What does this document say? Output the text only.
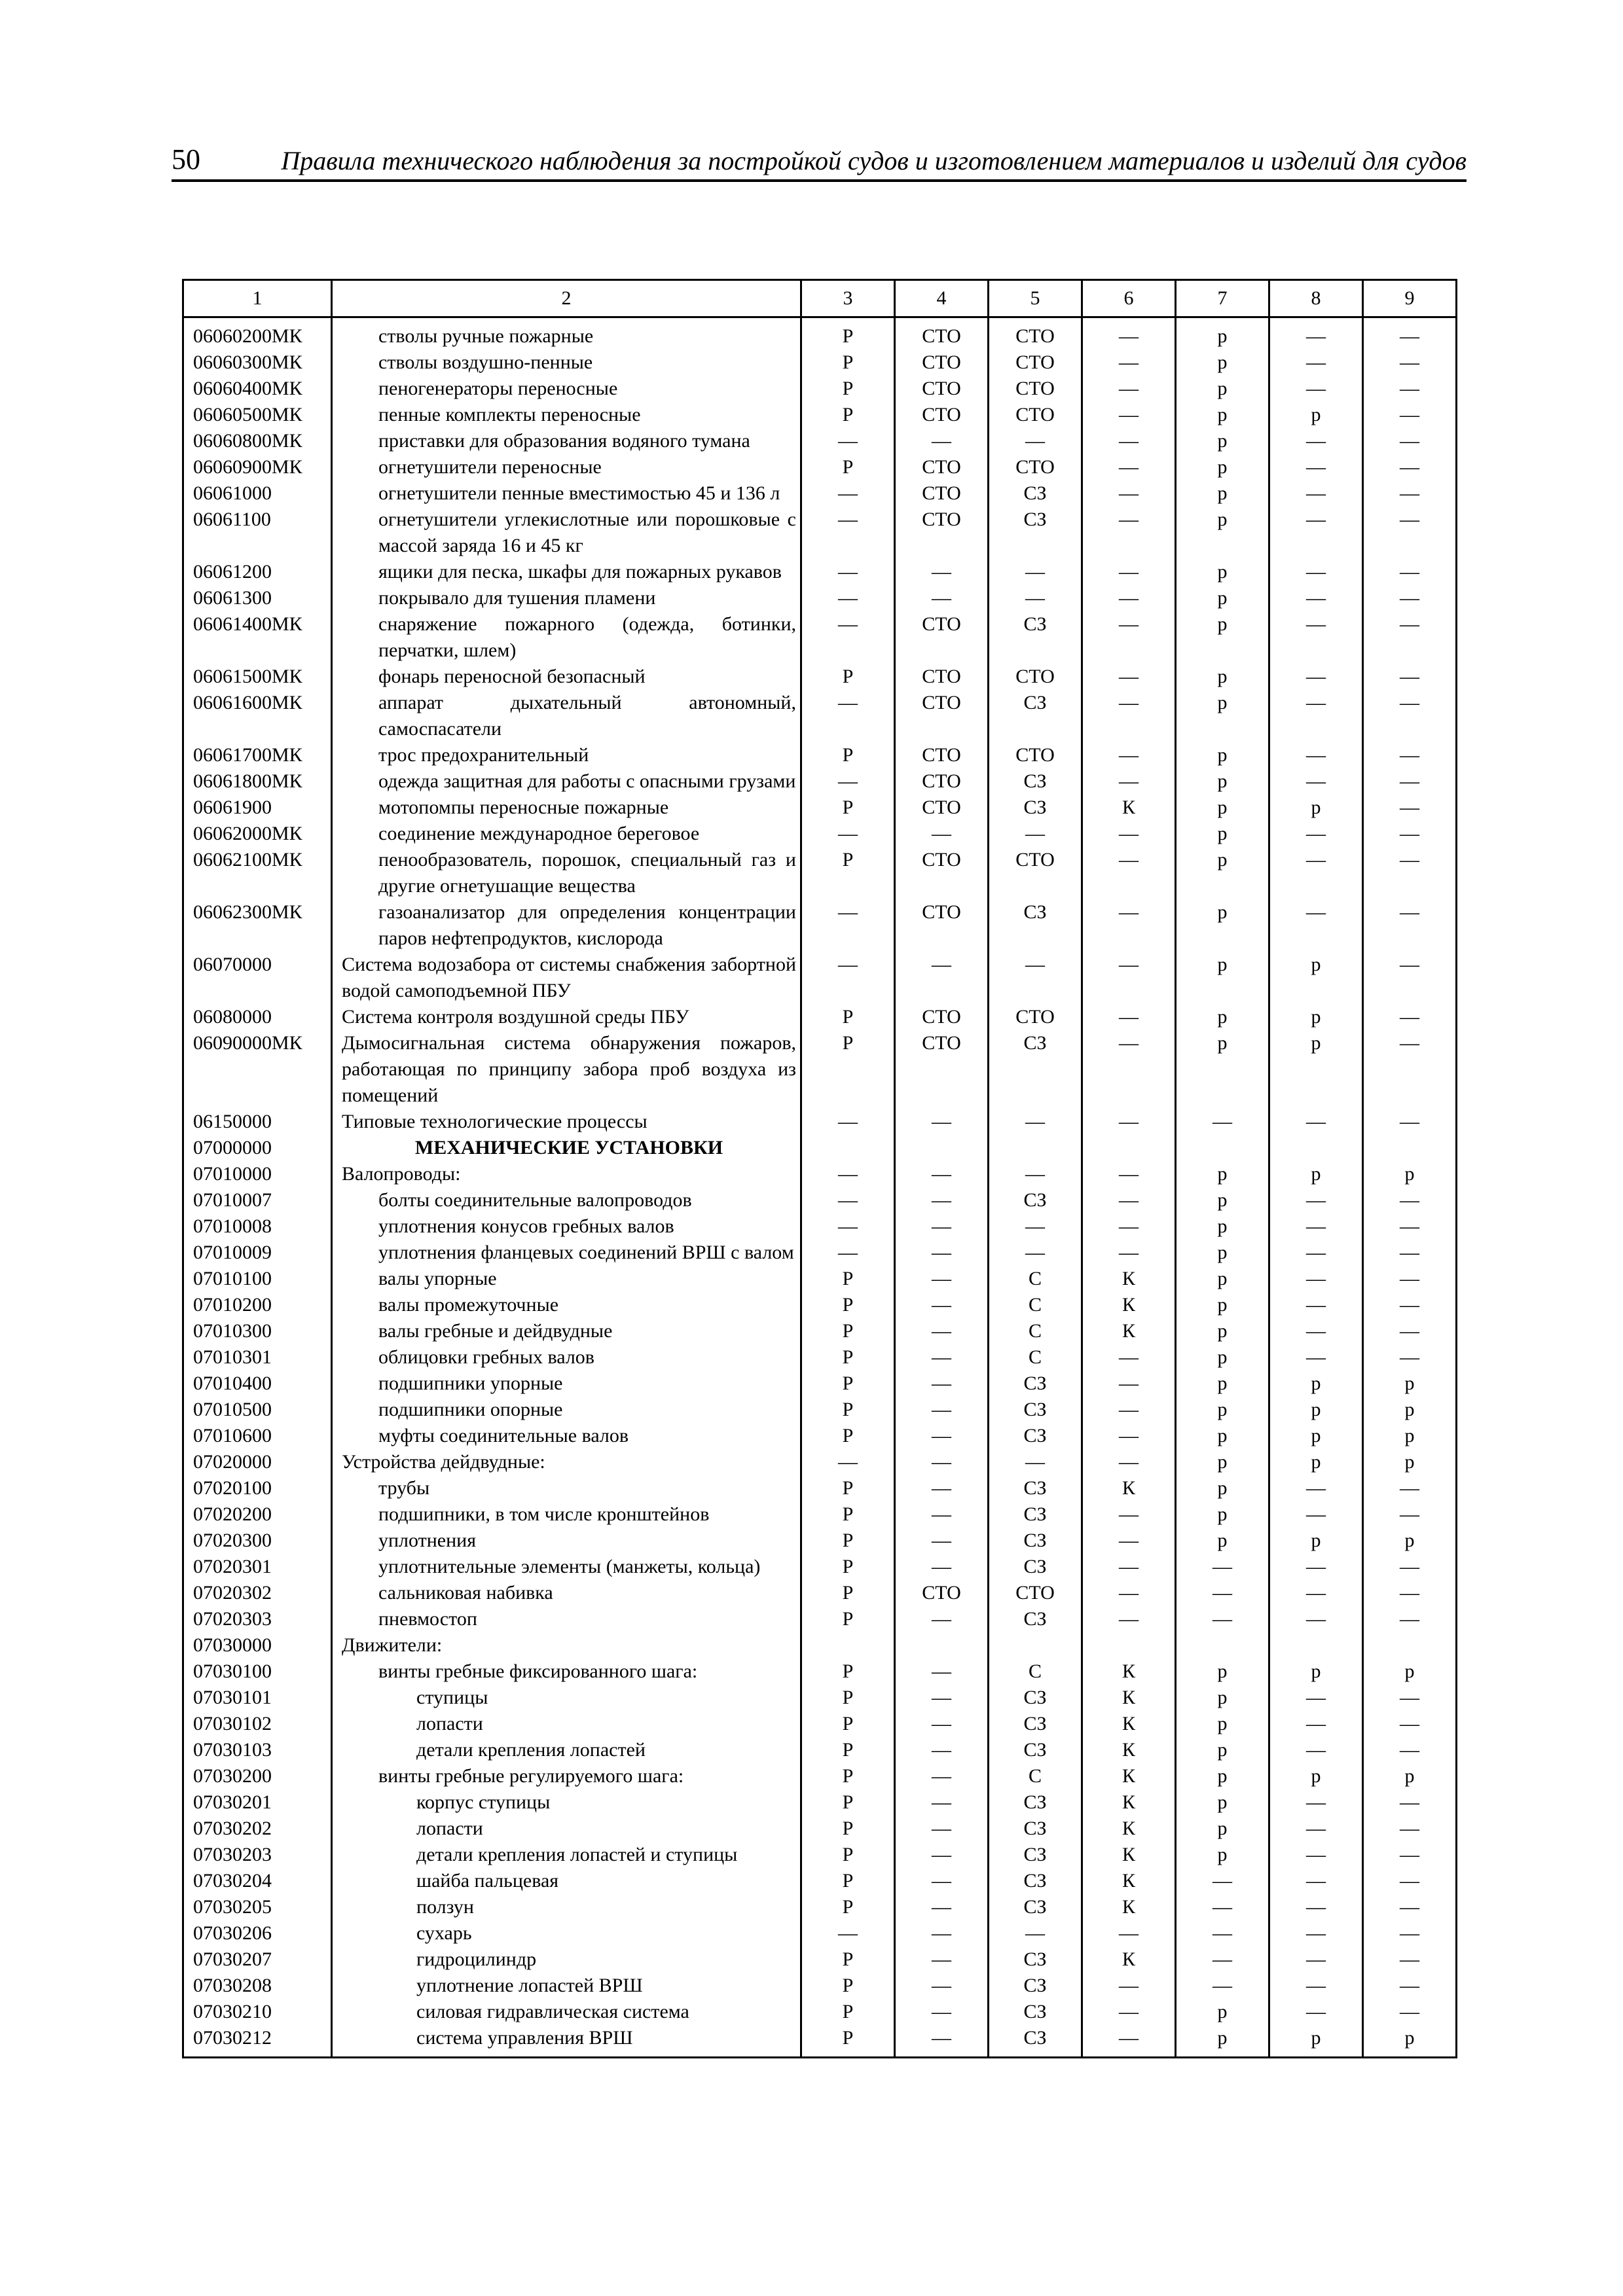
50	Правила технического наблюдения за постройкой судов и изготовлением материалов и изделий для судов
1	2	3	4	5	6	7	8	9
06060200МК	стволы ручные пожарные	Р	СТО	СТО	—	р	—	—
06060300МК	стволы воздушно-пенные	Р	СТО	СТО	—	р	—	—
06060400МК	пеногенераторы переносные	Р	СТО	СТО	—	р	—	—
06060500МК	пенные комплекты переносные	Р	СТО	СТО	—	р	р	—
06060800МК	приставки для образования водяного тумана	—	—	—	—	р	—	—
06060900МК	огнетушители переносные	Р	СТО	СТО	—	р	—	—
06061000	огнетушители пенные вместимостью 45 и 136 л	—	СТО	СЗ	—	р	—	—
06061100	огнетушители углекислотные или порошковые с массой заряда 16 и 45 кг	—	СТО	СЗ	—	р	—	—
06061200	ящики для песка, шкафы для пожарных рукавов	—	—	—	—	р	—	—
06061300	покрывало для тушения пламени	—	—	—	—	р	—	—
06061400МК	снаряжение пожарного (одежда, ботинки, перчатки, шлем)	—	СТО	СЗ	—	р	—	—
06061500МК	фонарь переносной безопасный	Р	СТО	СТО	—	р	—	—
06061600МК	аппарат дыхательный автономный, самоспасатели	—	СТО	СЗ	—	р	—	—
06061700МК	трос предохранительный	Р	СТО	СТО	—	р	—	—
06061800МК	одежда защитная для работы с опасными грузами	—	СТО	СЗ	—	р	—	—
06061900	мотопомпы переносные пожарные	Р	СТО	СЗ	К	р	р	—
06062000МК	соединение международное береговое	—	—	—	—	р	—	—
06062100МК	пенообразователь, порошок, специальный газ и другие огнетушащие вещества	Р	СТО	СТО	—	р	—	—
06062300МК	газоанализатор для определения концентрации паров нефтепродуктов, кислорода	—	СТО	СЗ	—	р	—	—
06070000	Система водозабора от системы снабжения забортной водой самоподъемной ПБУ	—	—	—	—	р	р	—
06080000	Система контроля воздушной среды ПБУ	Р	СТО	СТО	—	р	р	—
06090000МК	Дымосигнальная система обнаружения пожаров, работающая по принципу забора проб воздуха из помещений	Р	СТО	СЗ	—	р	р	—
06150000	Типовые технологические процессы	—	—	—	—	—	—	—
07000000	МЕХАНИЧЕСКИЕ УСТАНОВКИ							
07010000	Валопроводы:	—	—	—	—	р	р	р
07010007	болты соединительные валопроводов	—	—	СЗ	—	р	—	—
07010008	уплотнения конусов гребных валов	—	—	—	—	р	—	—
07010009	уплотнения фланцевых соединений ВРШ с валом	—	—	—	—	р	—	—
07010100	валы упорные	Р	—	С	К	р	—	—
07010200	валы промежуточные	Р	—	С	К	р	—	—
07010300	валы гребные и дейдвудные	Р	—	С	К	р	—	—
07010301	облицовки гребных валов	Р	—	С	—	р	—	—
07010400	подшипники упорные	Р	—	СЗ	—	р	р	р
07010500	подшипники опорные	Р	—	СЗ	—	р	р	р
07010600	муфты соединительные валов	Р	—	СЗ	—	р	р	р
07020000	Устройства дейдвудные:	—	—	—	—	р	р	р
07020100	трубы	Р	—	СЗ	К	р	—	—
07020200	подшипники, в том числе кронштейнов	Р	—	СЗ	—	р	—	—
07020300	уплотнения	Р	—	СЗ	—	р	р	р
07020301	уплотнительные элементы (манжеты, кольца)	Р	—	СЗ	—	—	—	—
07020302	сальниковая набивка	Р	СТО	СТО	—	—	—	—
07020303	пневмостоп	Р	—	СЗ	—	—	—	—
07030000	Движители:							
07030100	винты гребные фиксированного шага:	Р	—	С	К	р	р	р
07030101	ступицы	Р	—	СЗ	К	р	—	—
07030102	лопасти	Р	—	СЗ	К	р	—	—
07030103	детали крепления лопастей	Р	—	СЗ	К	р	—	—
07030200	винты гребные регулируемого шага:	Р	—	С	К	р	р	р
07030201	корпус ступицы	Р	—	СЗ	К	р	—	—
07030202	лопасти	Р	—	СЗ	К	р	—	—
07030203	детали крепления лопастей и ступицы	Р	—	СЗ	К	р	—	—
07030204	шайба пальцевая	Р	—	СЗ	К	—	—	—
07030205	ползун	Р	—	СЗ	К	—	—	—
07030206	сухарь	—	—	—	—	—	—	—
07030207	гидроцилиндр	Р	—	СЗ	К	—	—	—
07030208	уплотнение лопастей ВРШ	Р	—	СЗ	—	—	—	—
07030210	силовая гидравлическая система	Р	—	СЗ	—	р	—	—
07030212	система управления ВРШ	Р	—	СЗ	—	р	р	р
